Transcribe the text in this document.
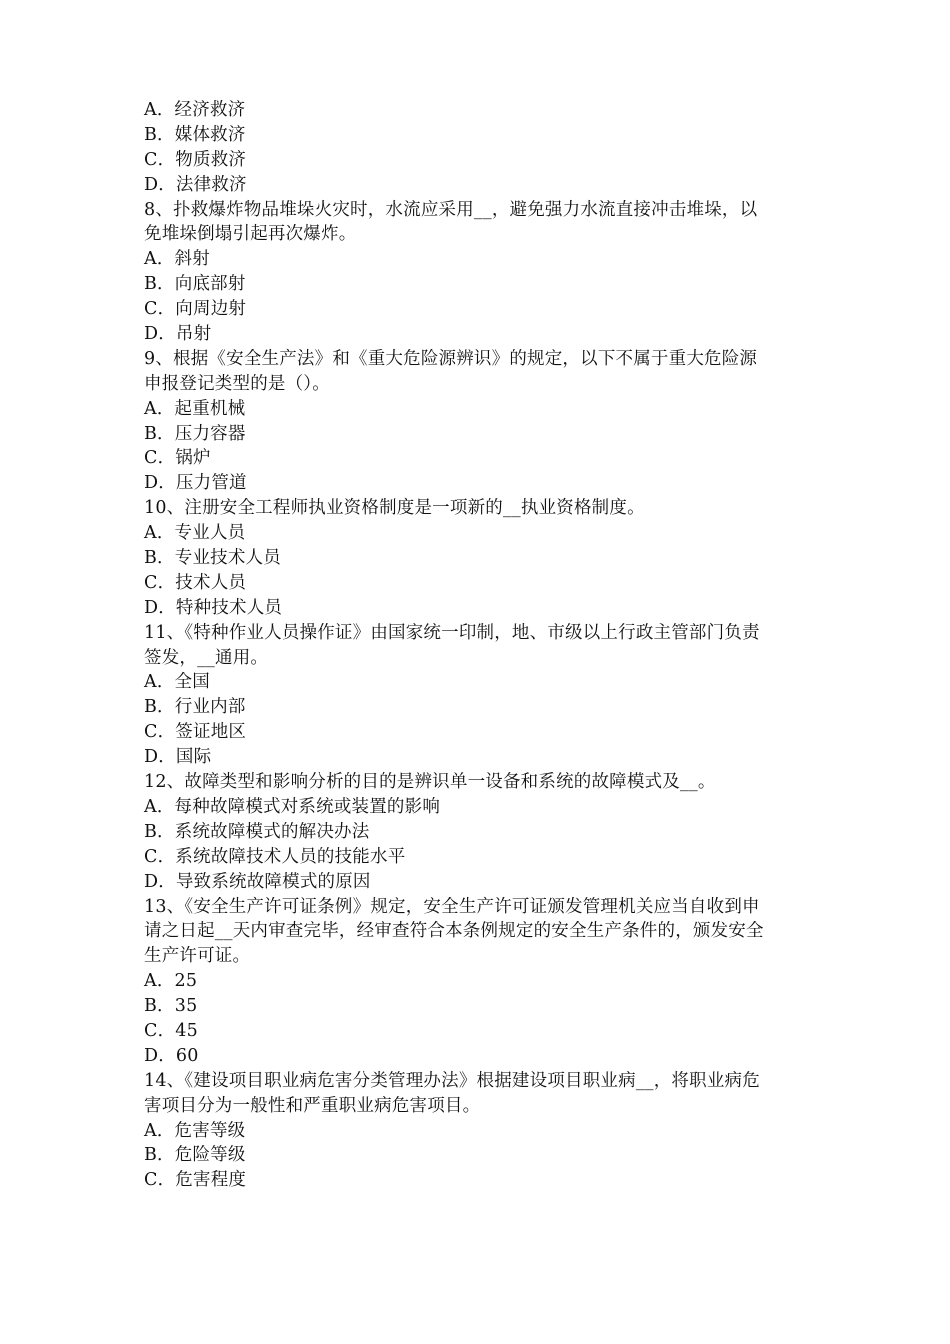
A．经济救济
B．媒体救济
C．物质救济
D．法律救济
8、扑救爆炸物品堆垛火灾时，水流应采用__，避免强力水流直接冲击堆垛，以
免堆垛倒塌引起再次爆炸。
A．斜射
B．向底部射
C．向周边射
D．吊射
9、根据《安全生产法》和《重大危险源辨识》的规定，以下不属于重大危险源
申报登记类型的是（）。
A．起重机械
B．压力容器
C．锅炉
D．压力管道
10、注册安全工程师执业资格制度是一项新的__执业资格制度。
A．专业人员
B．专业技术人员
C．技术人员
D．特种技术人员
11、《特种作业人员操作证》由国家统一印制，地、市级以上行政主管部门负责
签发，__通用。
A．全国
B．行业内部
C．签证地区
D．国际
12、故障类型和影响分析的目的是辨识单一设备和系统的故障模式及__。
A．每种故障模式对系统或装置的影响
B．系统故障模式的解决办法
C．系统故障技术人员的技能水平
D．导致系统故障模式的原因
13、《安全生产许可证条例》规定，安全生产许可证颁发管理机关应当自收到申
请之日起__天内审查完毕，经审查符合本条例规定的安全生产条件的，颁发安全
生产许可证。
A．25
B．35
C．45
D．60
14、《建设项目职业病危害分类管理办法》根据建设项目职业病__，将职业病危
害项目分为一般性和严重职业病危害项目。
A．危害等级
B．危险等级
C．危害程度
